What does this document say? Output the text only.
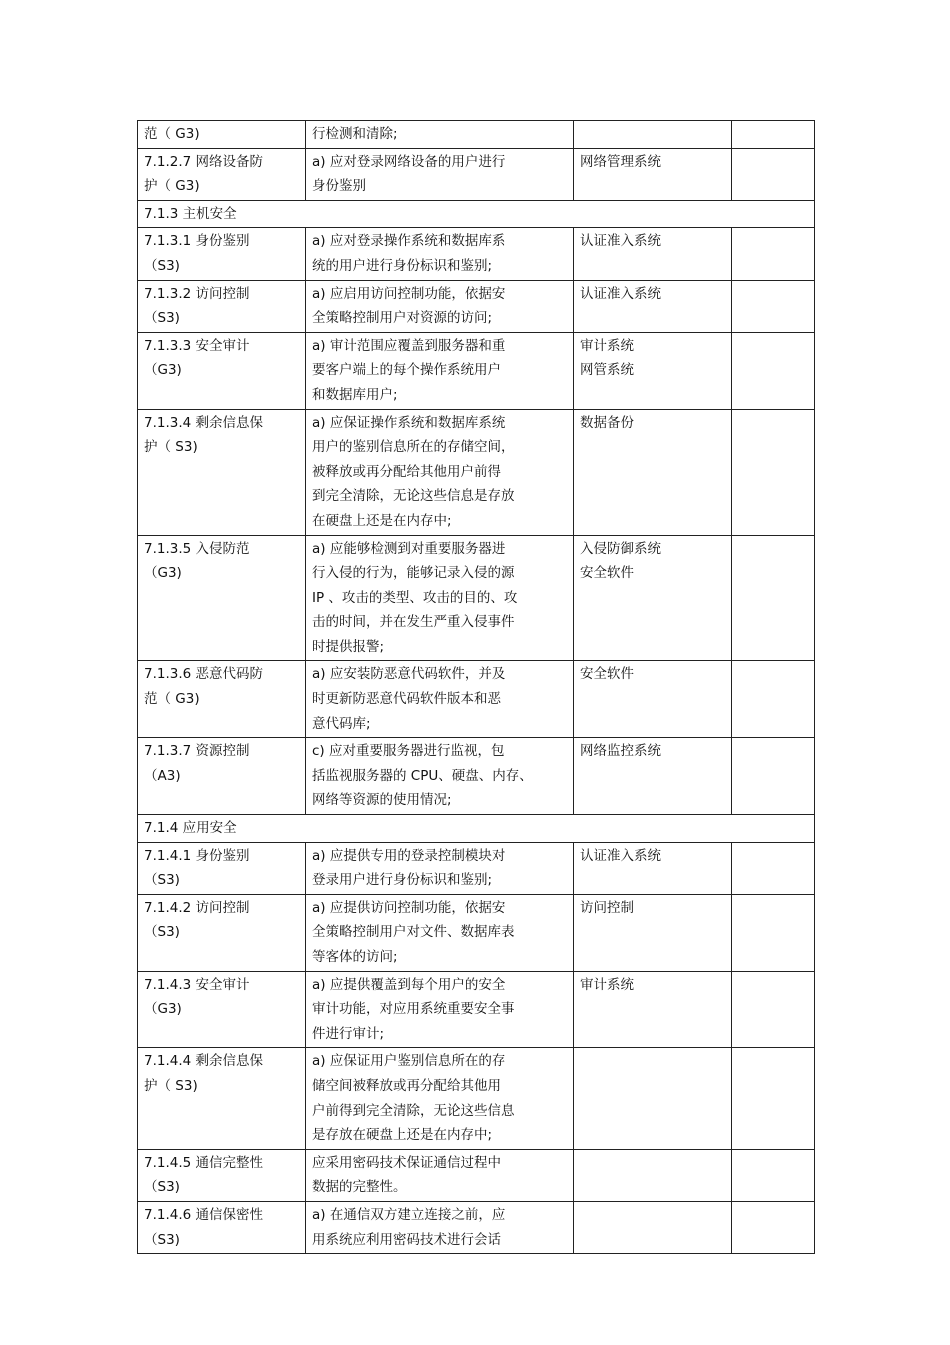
范（ G3)	行检测和清除;		

7.1.2.7 网络设备防
护（ G3)	a) 应对登录网络设备的用户进行
身份鉴别	网络管理系统	

7.1.3 主机安全			

7.1.3.1 身份鉴别
（S3)	a) 应对登录操作系统和数据库系
统的用户进行身份标识和鉴别;	认证准入系统	

7.1.3.2 访问控制
（S3)	a) 应启用访问控制功能，依据安
全策略控制用户对资源的访问;	认证准入系统	

7.1.3.3 安全审计
（G3)	a) 审计范围应覆盖到服务器和重
要客户端上的每个操作系统用户
和数据库用户;	审计系统
网管系统	

7.1.3.4 剩余信息保
护（ S3)	a) 应保证操作系统和数据库系统
用户的鉴别信息所在的存储空间，
被释放或再分配给其他用户前得
到完全清除，无论这些信息是存放
在硬盘上还是在内存中;	数据备份	

7.1.3.5 入侵防范
（G3)	a) 应能够检测到对重要服务器进
行入侵的行为，能够记录入侵的源
IP 、攻击的类型、攻击的目的、攻
击的时间，并在发生严重入侵事件
时提供报警;	入侵防御系统
安全软件	

7.1.3.6 恶意代码防
范（ G3)	a) 应安装防恶意代码软件，并及
时更新防恶意代码软件版本和恶
意代码库;	安全软件	

7.1.3.7 资源控制
（A3)	c) 应对重要服务器进行监视，包
括监视服务器的 CPU、硬盘、内存、
网络等资源的使用情况;	网络监控系统	

7.1.4 应用安全			

7.1.4.1 身份鉴别
（S3)	a) 应提供专用的登录控制模块对
登录用户进行身份标识和鉴别;	认证准入系统	

7.1.4.2 访问控制
（S3)	a) 应提供访问控制功能，依据安
全策略控制用户对文件、数据库表
等客体的访问;	访问控制	

7.1.4.3 安全审计
（G3)	a) 应提供覆盖到每个用户的安全
审计功能，对应用系统重要安全事
件进行审计;	审计系统	

7.1.4.4 剩余信息保
护（ S3)	a) 应保证用户鉴别信息所在的存
储空间被释放或再分配给其他用
户前得到完全清除，无论这些信息
是存放在硬盘上还是在内存中;		

7.1.4.5 通信完整性
（S3)	应采用密码技术保证通信过程中
数据的完整性。		

7.1.4.6 通信保密性
（S3)	a) 在通信双方建立连接之前，应
用系统应利用密码技术进行会话		
